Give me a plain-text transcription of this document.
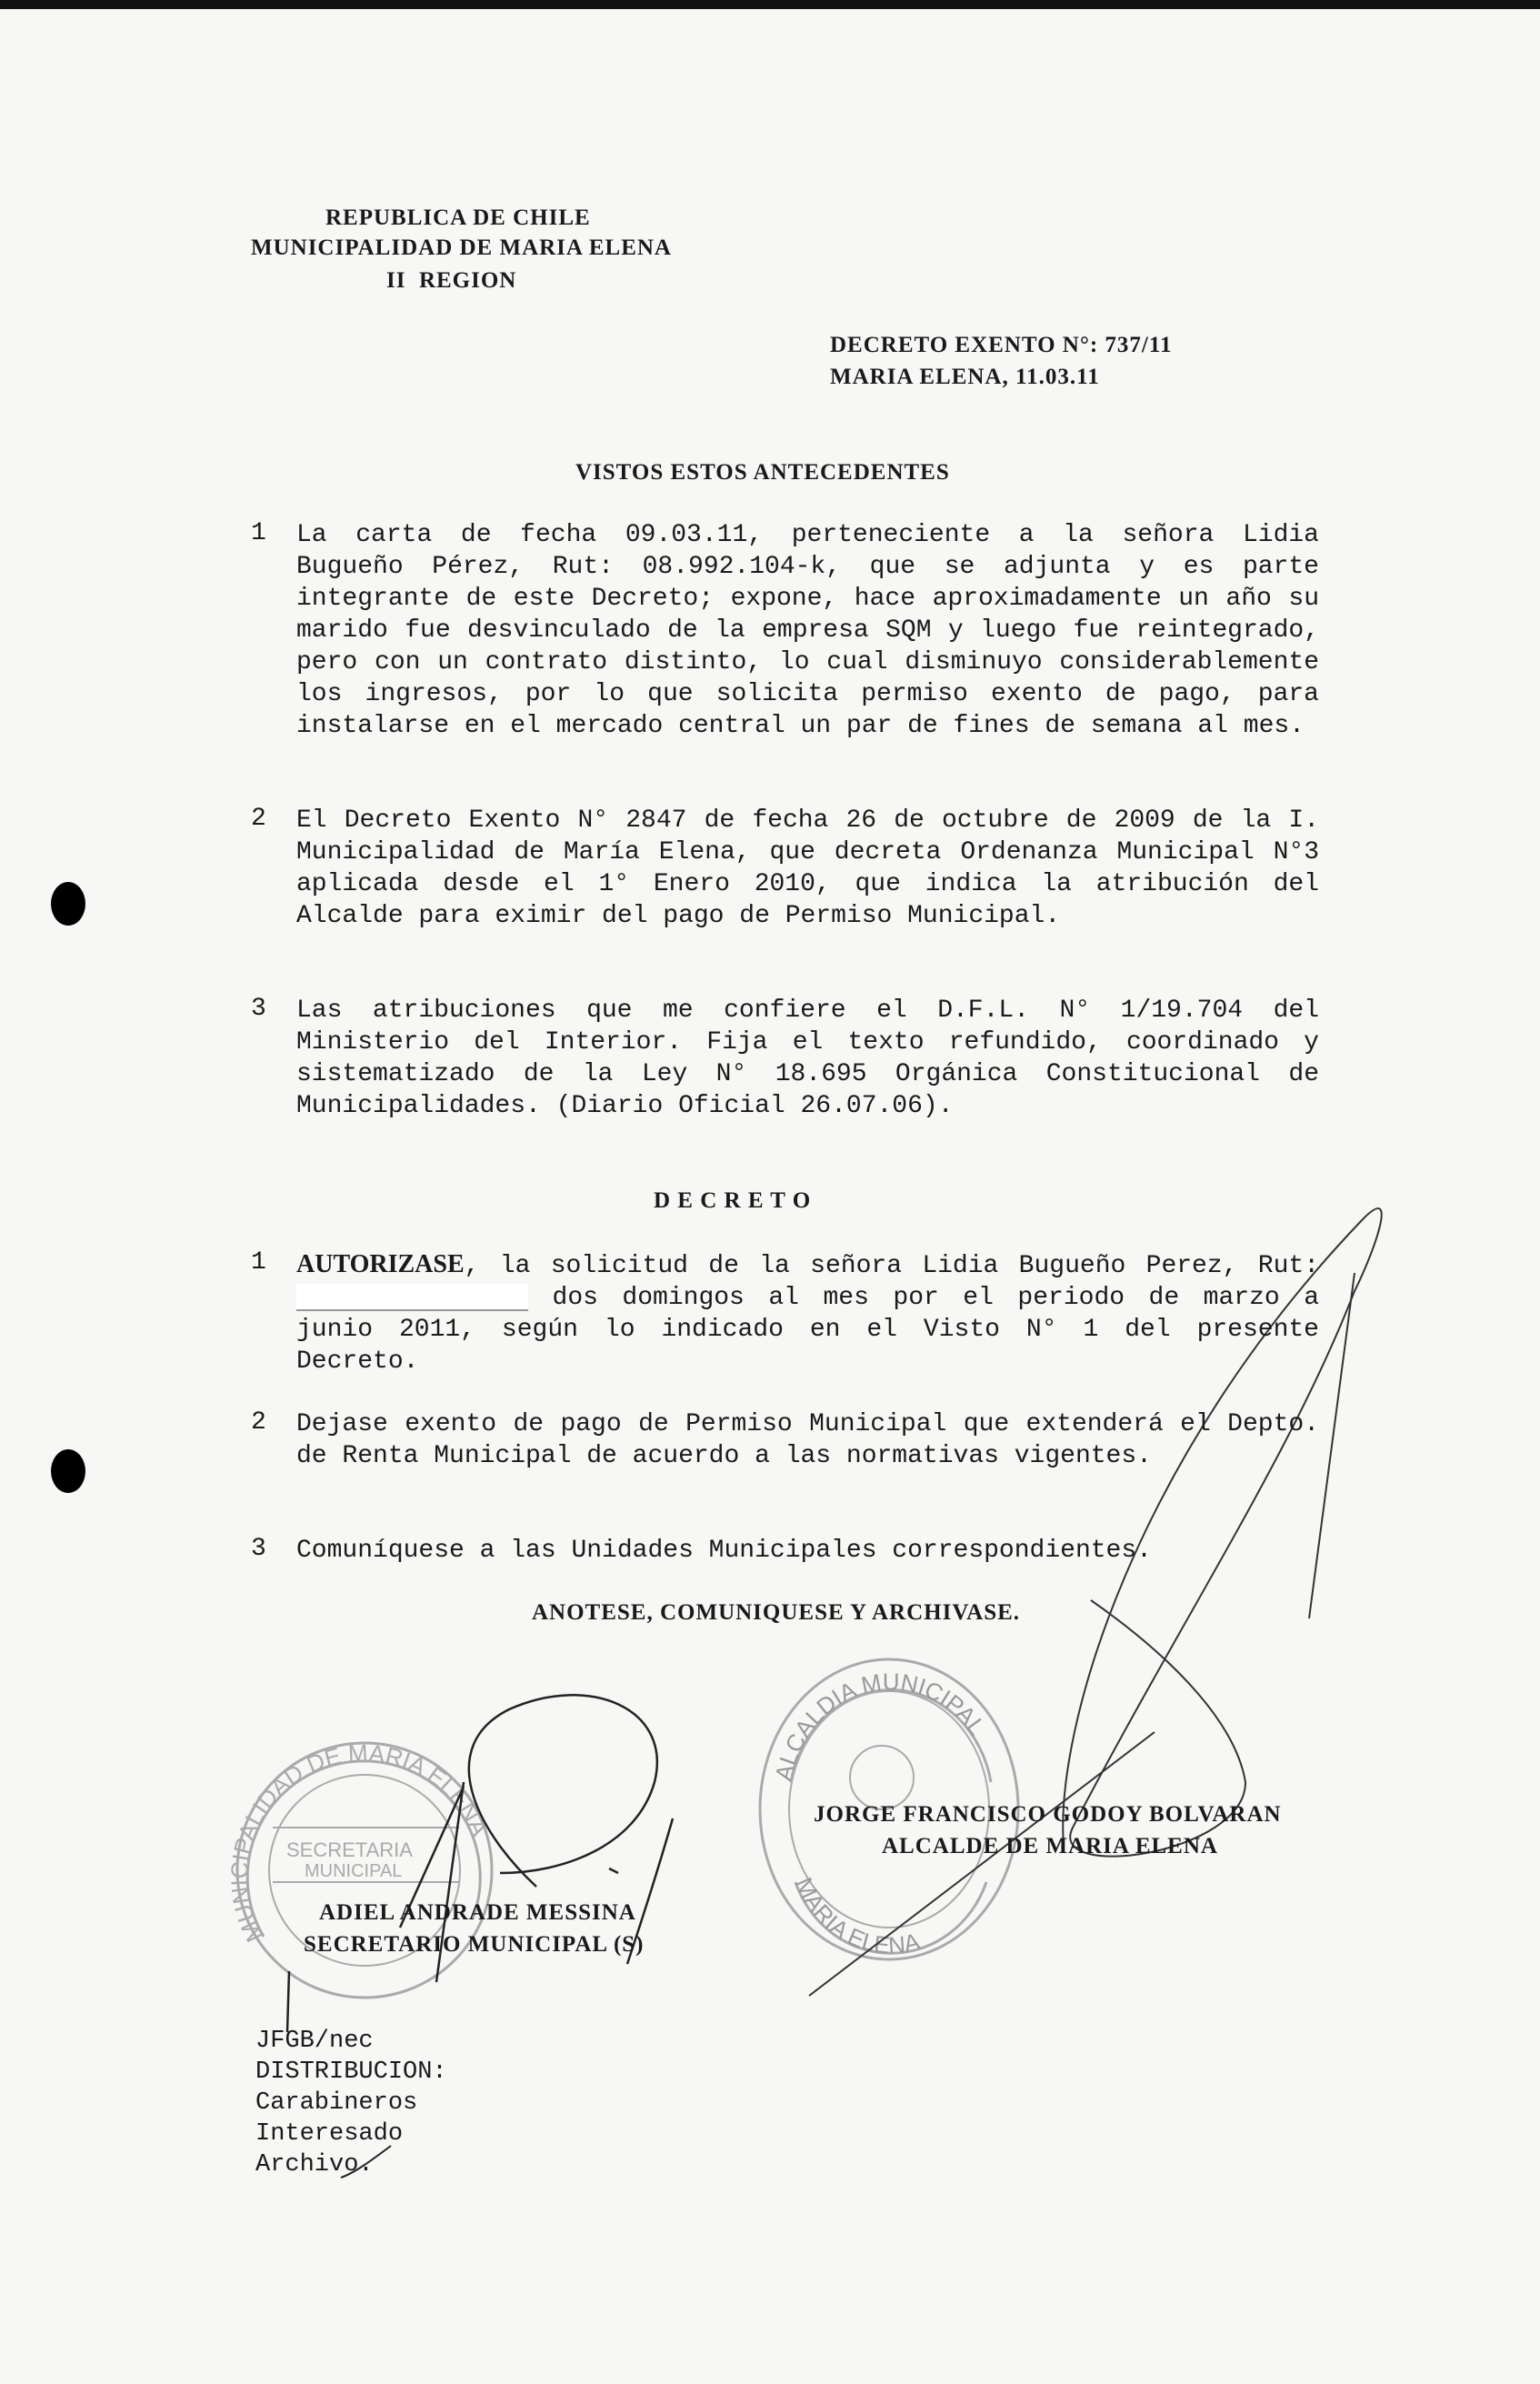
MUNICIPALIDAD DE MARIA ELENA
SECRETARIA
MUNICIPAL
ALCALDIA MUNICIPAL
MARIA ELENA
REPUBLICA DE CHILE
MUNICIPALIDAD DE MARIA ELENA
II  REGION
DECRETO EXENTO N°: 737/11
MARIA ELENA, 11.03.11
VISTOS ESTOS ANTECEDENTES
1 La carta de fecha 09.03.11, perteneciente a la señora Lidia Bugueño Pérez, Rut: 08.992.104-k, que se adjunta y es parte integrante de este Decreto; expone, hace aproximadamente un año su marido fue desvinculado de la empresa SQM y luego fue reintegrado, pero con un contrato distinto, lo cual disminuyo considerablemente los ingresos, por lo que solicita permiso exento de pago, para instalarse en el mercado central un par de fines de semana al mes.
2 El Decreto Exento N° 2847 de fecha 26 de octubre de 2009 de la I. Municipalidad de María Elena, que decreta Ordenanza Municipal N°3 aplicada desde el 1° Enero 2010, que indica la atribución del Alcalde para eximir del pago de Permiso Municipal.
3 Las atribuciones que me confiere el D.F.L. N° 1/19.704 del Ministerio del Interior. Fija el texto refundido, coordinado y sistematizado de la Ley N° 18.695 Orgánica Constitucional de Municipalidades. (Diario Oficial 26.07.06).
D E C R E T O
1 AUTORIZASE, la solicitud de la señora Lidia Bugueño Perez, Rut:  dos domingos al mes por el periodo de marzo a junio 2011, según lo indicado en el Visto N° 1 del presente Decreto.
2 Dejase exento de pago de Permiso Municipal que extenderá el Depto. de Renta Municipal de acuerdo a las normativas vigentes.
3 Comuníquese a las Unidades Municipales correspondientes.
ANOTESE, COMUNIQUESE Y ARCHIVASE.
ADIEL ANDRADE MESSINA
SECRETARIO MUNICIPAL (S)
JORGE FRANCISCO GODOY BOLVARAN
ALCALDE DE MARIA ELENA
JFGB/nec
DISTRIBUCION:
Carabineros
Interesado
Archivo.
